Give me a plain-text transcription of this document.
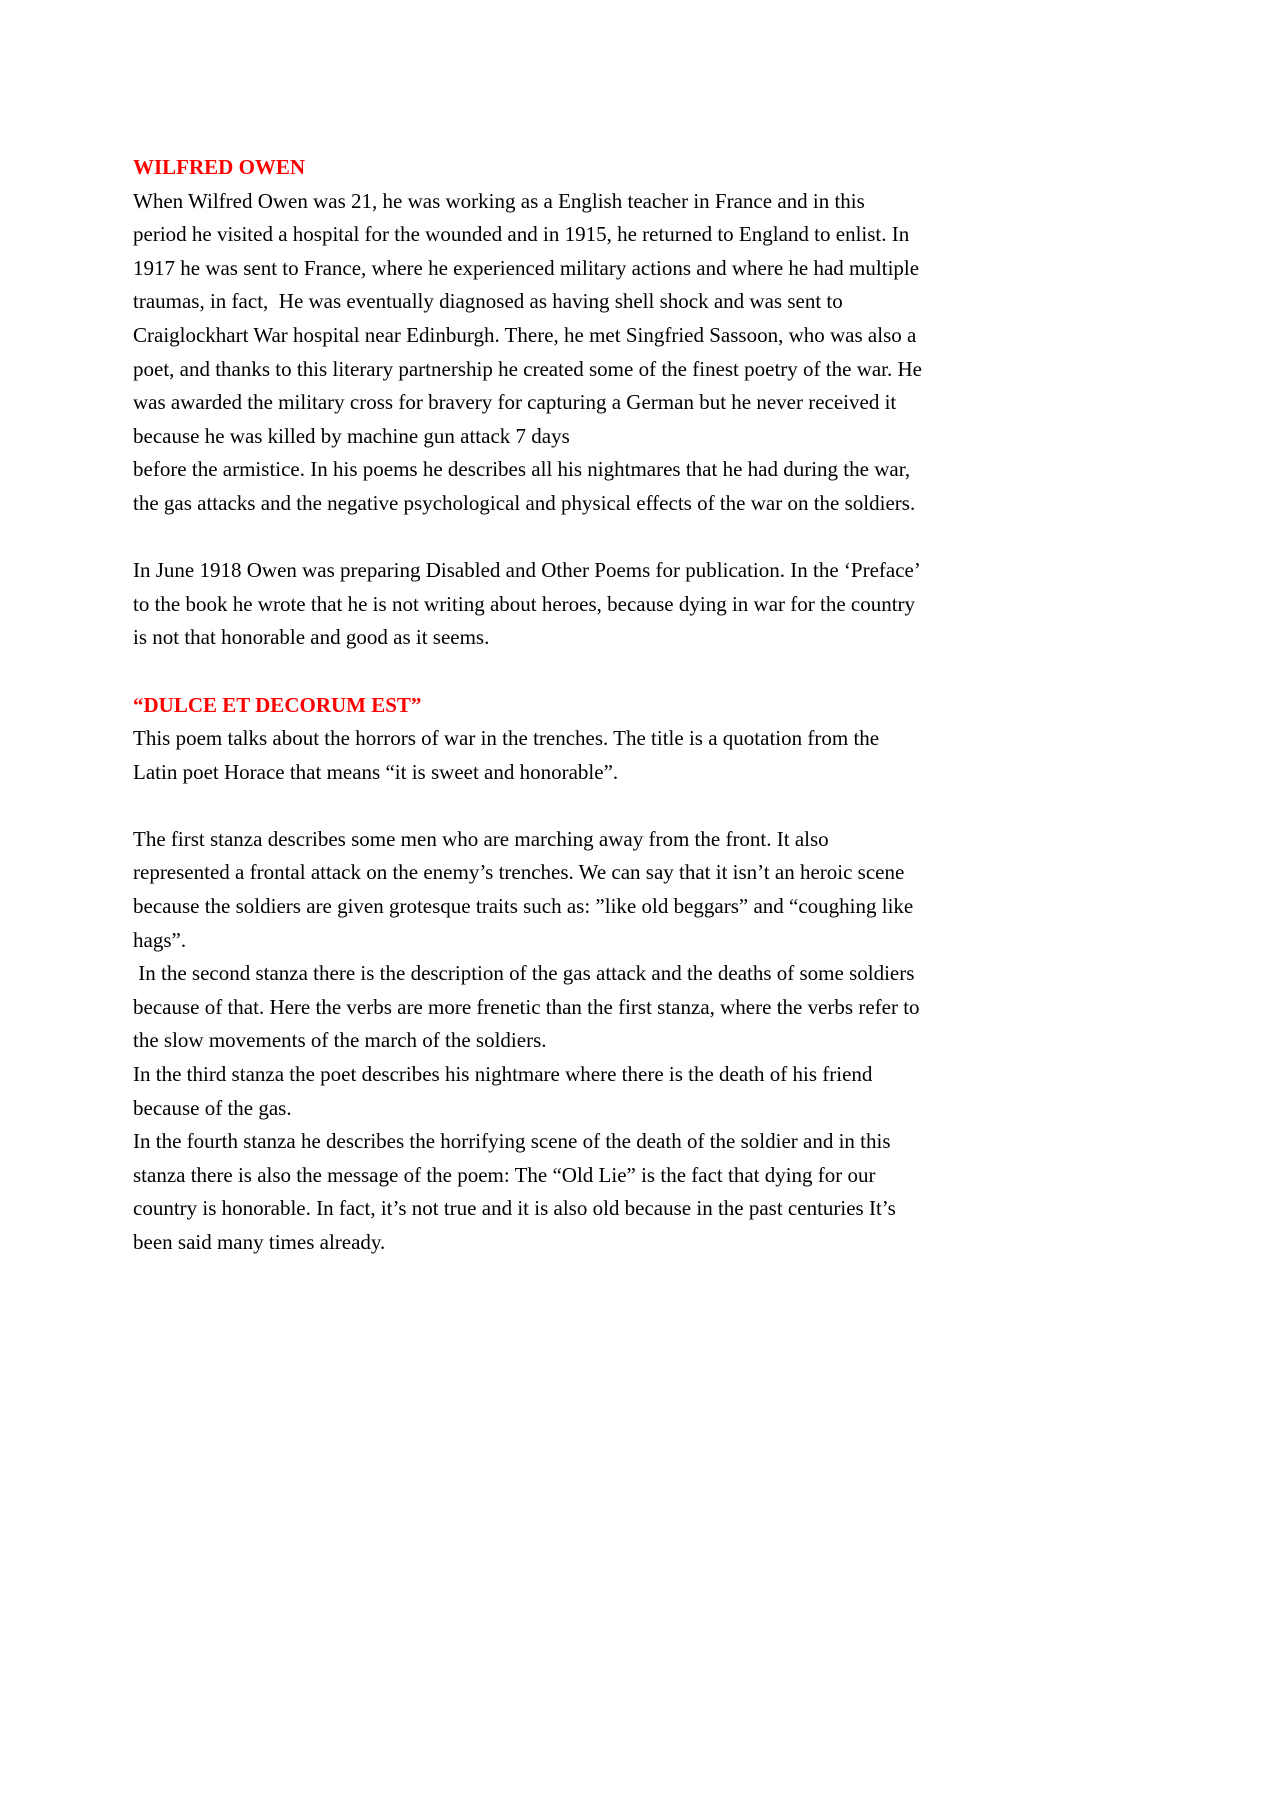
WILFRED OWEN
When Wilfred Owen was 21, he was working as a English teacher in France and in this
period he visited a hospital for the wounded and in 1915, he returned to England to enlist. In
1917 he was sent to France, where he experienced military actions and where he had multiple
traumas, in fact,  He was eventually diagnosed as having shell shock and was sent to
Craiglockhart War hospital near Edinburgh. There, he met Singfried Sassoon, who was also a
poet, and thanks to this literary partnership he created some of the finest poetry of the war. He
was awarded the military cross for bravery for capturing a German but he never received it
because he was killed by machine gun attack 7 days
before the armistice. In his poems he describes all his nightmares that he had during the war,
the gas attacks and the negative psychological and physical effects of the war on the soldiers.
In June 1918 Owen was preparing Disabled and Other Poems for publication. In the ‘Preface’
to the book he wrote that he is not writing about heroes, because dying in war for the country
is not that honorable and good as it seems.
“DULCE ET DECORUM EST”
This poem talks about the horrors of war in the trenches. The title is a quotation from the
Latin poet Horace that means “it is sweet and honorable”.
The first stanza describes some men who are marching away from the front. It also
represented a frontal attack on the enemy’s trenches. We can say that it isn’t an heroic scene
because the soldiers are given grotesque traits such as: ”like old beggars” and “coughing like
hags”.
In the second stanza there is the description of the gas attack and the deaths of some soldiers
because of that. Here the verbs are more frenetic than the first stanza, where the verbs refer to
the slow movements of the march of the soldiers.
In the third stanza the poet describes his nightmare where there is the death of his friend
because of the gas.
In the fourth stanza he describes the horrifying scene of the death of the soldier and in this
stanza there is also the message of the poem: The “Old Lie” is the fact that dying for our
country is honorable. In fact, it’s not true and it is also old because in the past centuries It’s
been said many times already.
